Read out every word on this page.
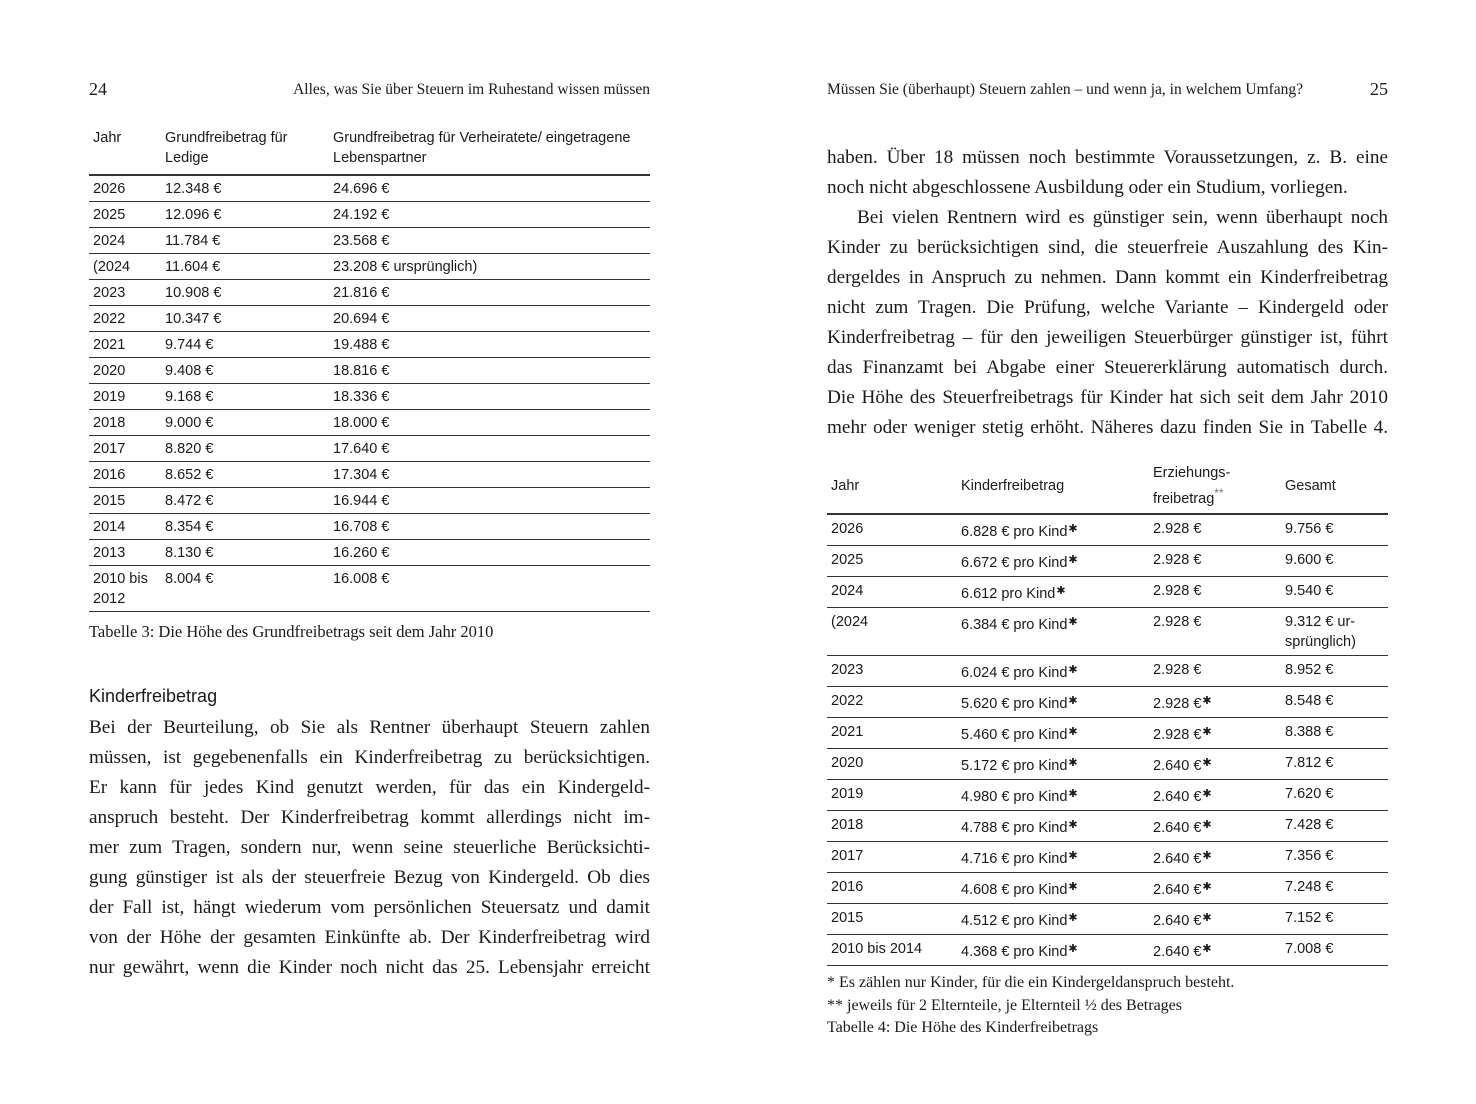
24	Alles, was Sie über Steuern im Ruhestand wissen müssen
Jahr	Grundfreibetrag für Ledige	Grundfreibetrag für Verheiratete/ eingetragene Lebenspartner
2026	12.348 €	24.696 €
2025	12.096 €	24.192 €
2024	11.784 €	23.568 €
(2024	11.604 €	23.208 € ursprünglich)
2023	10.908 €	21.816 €
2022	10.347 €	20.694 €
2021	9.744 €	19.488 €
2020	9.408 €	18.816 €
2019	9.168 €	18.336 €
2018	9.000 €	18.000 €
2017	8.820 €	17.640 €
2016	8.652 €	17.304 €
2015	8.472 €	16.944 €
2014	8.354 €	16.708 €
2013	8.130 €	16.260 €
2010 bis 2012	8.004 €	16.008 €
Tabelle 3: Die Höhe des Grundfreibetrags seit dem Jahr 2010
Kinderfreibetrag
Bei der Beurteilung, ob Sie als Rentner überhaupt Steuern zahlen
müssen, ist gegebenenfalls ein Kinderfreibetrag zu berücksichtigen.
Er kann für jedes Kind genutzt werden, für das ein Kindergeld-
anspruch besteht. Der Kinderfreibetrag kommt allerdings nicht im-
mer zum Tragen, sondern nur, wenn seine steuerliche Berücksichti-
gung günstiger ist als der steuerfreie Bezug von Kindergeld. Ob dies
der Fall ist, hängt wiederum vom persönlichen Steuersatz und damit
von der Höhe der gesamten Einkünfte ab. Der Kinderfreibetrag wird
nur gewährt, wenn die Kinder noch nicht das 25. Lebensjahr erreicht
Müssen Sie (überhaupt) Steuern zahlen – und wenn ja, in welchem Umfang?	25
haben. Über 18 müssen noch bestimmte Voraussetzungen, z. B. eine
noch nicht abgeschlossene Ausbildung oder ein Studium, vorliegen.
Bei vielen Rentnern wird es günstiger sein, wenn überhaupt noch
Kinder zu berücksichtigen sind, die steuerfreie Auszahlung des Kin-
dergeldes in Anspruch zu nehmen. Dann kommt ein Kinderfreibetrag
nicht zum Tragen. Die Prüfung, welche Variante – Kindergeld oder
Kinderfreibetrag – für den jeweiligen Steuerbürger günstiger ist, führt
das Finanzamt bei Abgabe einer Steuererklärung automatisch durch.
Die Höhe des Steuerfreibetrags für Kinder hat sich seit dem Jahr 2010
mehr oder weniger stetig erhöht. Näheres dazu finden Sie in Tabelle 4.
Jahr	Kinderfreibetrag	Erziehungs- freibetrag**	Gesamt
2026	6.828 € pro Kind✱	2.928 €	9.756 €
2025	6.672 € pro Kind✱	2.928 €	9.600 €
2024	6.612 pro Kind✱	2.928 €	9.540 €
(2024	6.384 € pro Kind✱	2.928 €	9.312 € ur- sprünglich)
2023	6.024 € pro Kind✱	2.928 €	8.952 €
2022	5.620 € pro Kind✱	2.928 €✱	8.548 €
2021	5.460 € pro Kind✱	2.928 €✱	8.388 €
2020	5.172 € pro Kind✱	2.640 €✱	7.812 €
2019	4.980 € pro Kind✱	2.640 €✱	7.620 €
2018	4.788 € pro Kind✱	2.640 €✱	7.428 €
2017	4.716 € pro Kind✱	2.640 €✱	7.356 €
2016	4.608 € pro Kind✱	2.640 €✱	7.248 €
2015	4.512 € pro Kind✱	2.640 €✱	7.152 €
2010 bis 2014	4.368 € pro Kind✱	2.640 €✱	7.008 €
* Es zählen nur Kinder, für die ein Kindergeldanspruch besteht.
** jeweils für 2 Elternteile, je Elternteil ½ des Betrages
Tabelle 4: Die Höhe des Kinderfreibetrags
